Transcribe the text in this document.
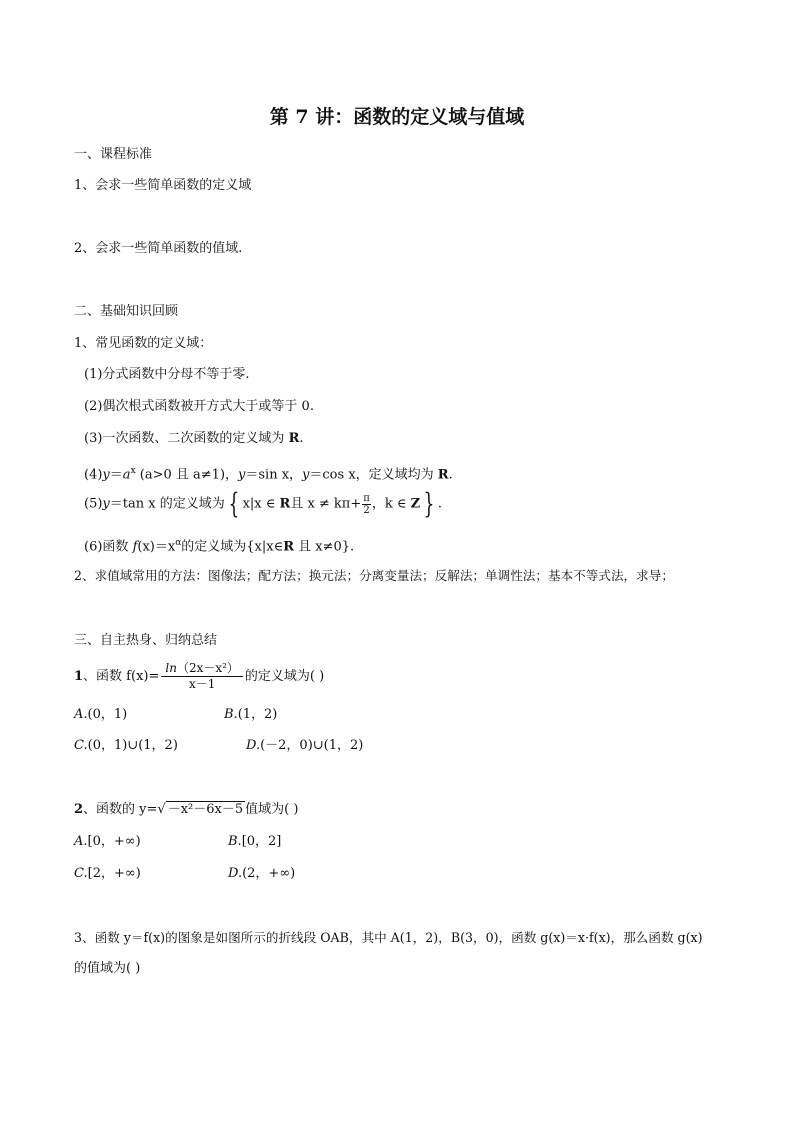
第 7 讲：函数的定义域与值域
一、课程标准
1、会求一些简单函数的定义域
2、会求一些简单函数的值域.
二、基础知识回顾
1、常见函数的定义域：
(1)分式函数中分母不等于零.
(2)偶次根式函数被开方式大于或等于 0.
(3)一次函数、二次函数的定义域为 R.
$(4)y=a^x$ (a>0 且 a≠1)，y＝sin x，y＝cos x，定义域均为 R.
(5)y＝tan x 的定义域为 { x|x ∈ R且 $x \ne k\pi+ \frac{\pi}{2}$ ，k ∈ Z } .
(6)函数 $f(x)=x^\alpha$的定义域为{x|x∈R 且 x≠0}.
2、求值域常用的方法：图像法；配方法；换元法；分离变量法；反解法；单调性法；基本不等式法，求导；
三、自主热身、归纳总结
1、函数 $f(x)= \frac{\text{ln（2x－x²）}}{x-1}$ 的定义域为( )
A.(0，1)	B.(1，2)
C.(0，1)∪(1，2)	D.(－2，0)∪(1，2)
2、函数的 y=√ －x²－6x－5 值域为( )
A.[0，+∞)	B.[0，2]
C.[2，+∞)	D.(2，+∞)
3、函数 y＝f(x)的图象是如图所示的折线段 OAB，其中 A(1，2)，B(3，0)，函数 g(x)＝x·f(x)，那么函数 g(x)
的值域为( )
